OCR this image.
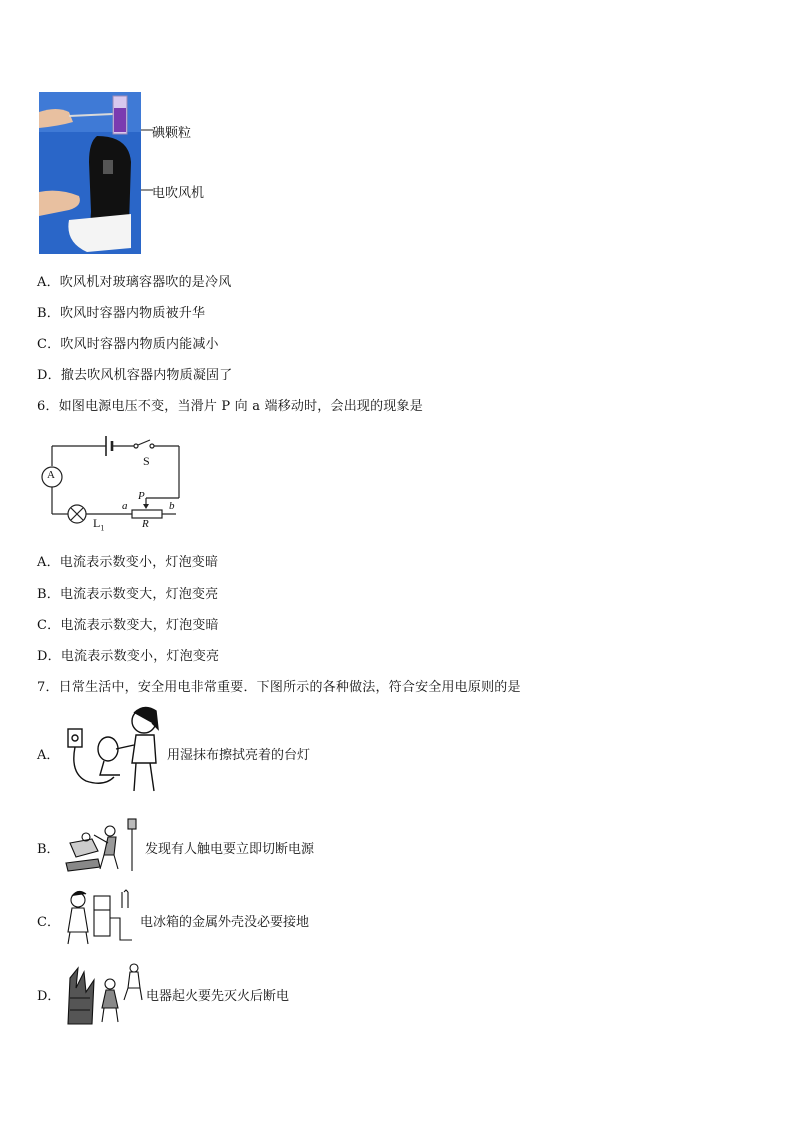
碘颗粒
电吹风机
A．吹风机对玻璃容器吹的是冷风
B．吹风时容器内物质被升华
C．吹风时容器内物质内能减小
D．撤去吹风机容器内物质凝固了
6．如图电源电压不变，当滑片 P 向 a 端移动时，会出现的现象是
A
S
P
a	b
R
$L_1$
A．电流表示数变小，灯泡变暗
B．电流表示数变大，灯泡变亮
C．电流表示数变大，灯泡变暗
D．电流表示数变小，灯泡变亮
7．日常生活中，安全用电非常重要．下图所示的各种做法，符合安全用电原则的是
A．	用湿抹布擦拭亮着的台灯
B．	发现有人触电要立即切断电源
C．	电冰箱的金属外壳没必要接地
D．	电器起火要先灭火后断电
